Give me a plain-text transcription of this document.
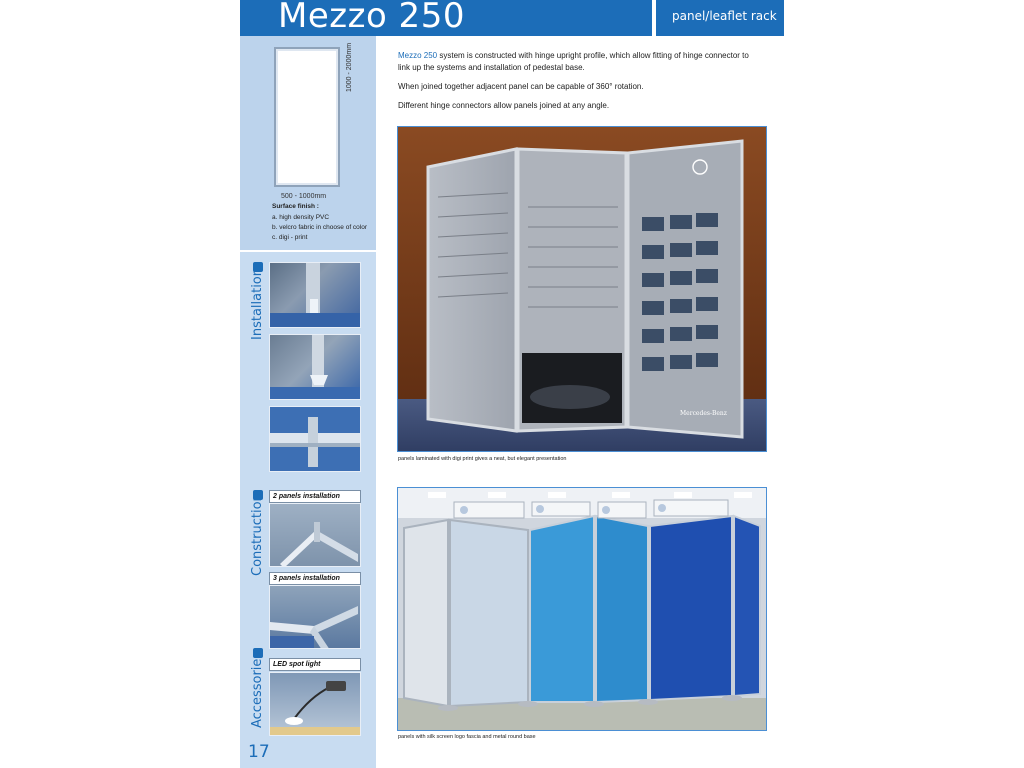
Mezzo 250	panel/leaflet rack
1000 - 2000mm
500 - 1000mm
Surface finish :
a. high density PVC
b. velcro fabric in choose of color
c. digi - print
Installation
Construction	2 panels installation
3 panels installation
Accessories	LED spot light
17
Mezzo 250 system is constructed with hinge upright profile, which allow fitting of hinge connector to link up the systems and installation of pedestal base.
When joined together adjacent panel can be capable of 360° rotation.
Different hinge connectors allow panels joined at any angle.
Mercedes-Benz
panels laminated with digi print gives a neat, but elegant presentation
panels with silk screen logo fascia and metal round base
